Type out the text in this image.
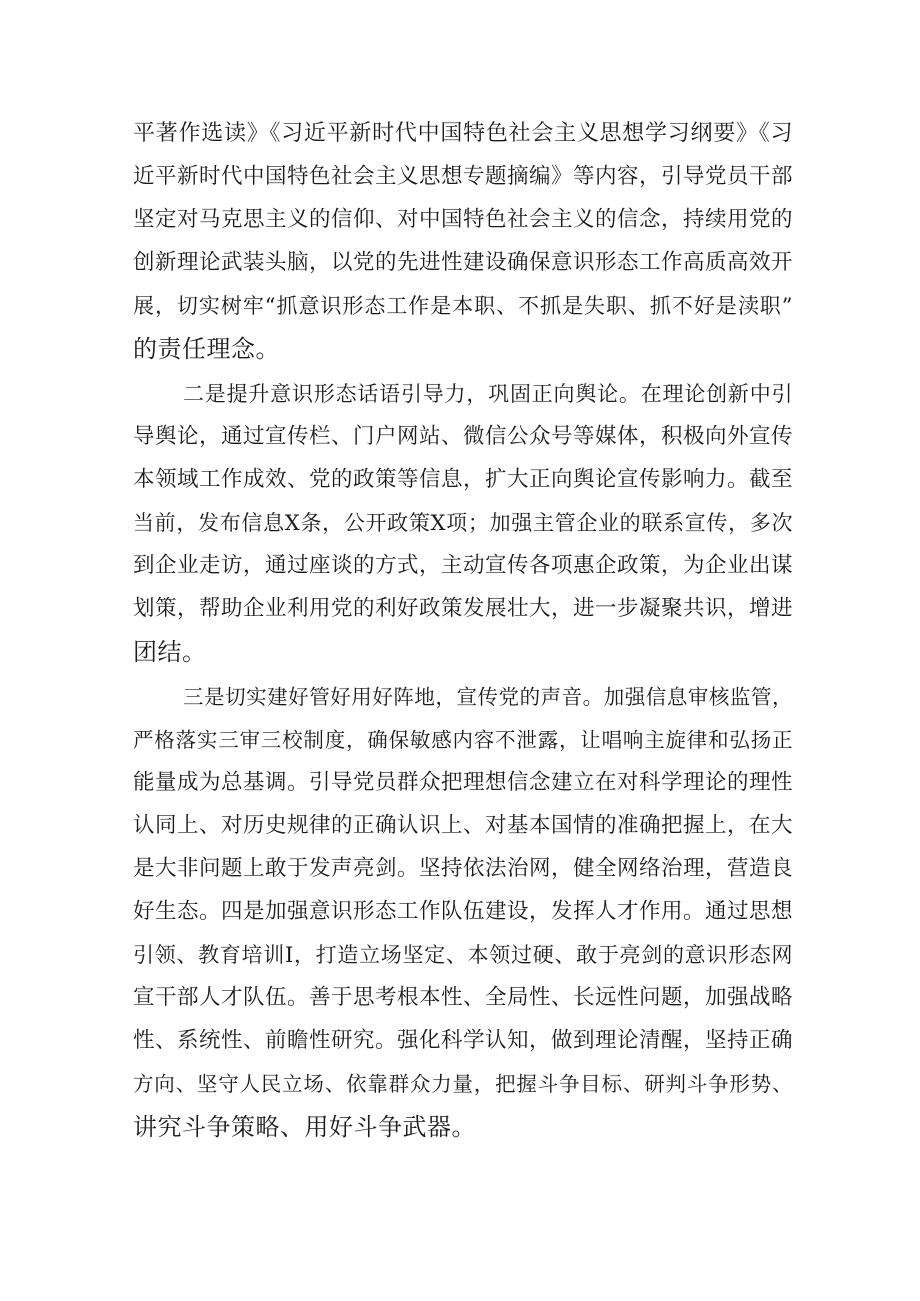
平著作选读》《习近平新时代中国特色社会主义思想学习纲要》《习
近平新时代中国特色社会主义思想专题摘编》等内容，引导党员干部
坚定对马克思主义的信仰、对中国特色社会主义的信念，持续用党的
创新理论武装头脑，以党的先进性建设确保意识形态工作高质高效开
展，切实树牢“抓意识形态工作是本职、不抓是失职、抓不好是渎职”
的责任理念。
二是提升意识形态话语引导力，巩固正向舆论。在理论创新中引
导舆论，通过宣传栏、门户网站、微信公众号等媒体，积极向外宣传
本领域工作成效、党的政策等信息，扩大正向舆论宣传影响力。截至
当前，发布信息X条，公开政策X项；加强主管企业的联系宣传，多次
到企业走访，通过座谈的方式，主动宣传各项惠企政策，为企业出谋
划策，帮助企业利用党的利好政策发展壮大，进一步凝聚共识，增进
团结。
三是切实建好管好用好阵地，宣传党的声音。加强信息审核监管，
严格落实三审三校制度，确保敏感内容不泄露，让唱响主旋律和弘扬正
能量成为总基调。引导党员群众把理想信念建立在对科学理论的理性
认同上、对历史规律的正确认识上、对基本国情的准确把握上，在大
是大非问题上敢于发声亮剑。坚持依法治网，健全网络治理，营造良
好生态。四是加强意识形态工作队伍建设，发挥人才作用。通过思想
引领、教育培训I，打造立场坚定、本领过硬、敢于亮剑的意识形态网
宣干部人才队伍。善于思考根本性、全局性、长远性问题，加强战略
性、系统性、前瞻性研究。强化科学认知，做到理论清醒，坚持正确
方向、坚守人民立场、依靠群众力量，把握斗争目标、研判斗争形势、
讲究斗争策略、用好斗争武器。
